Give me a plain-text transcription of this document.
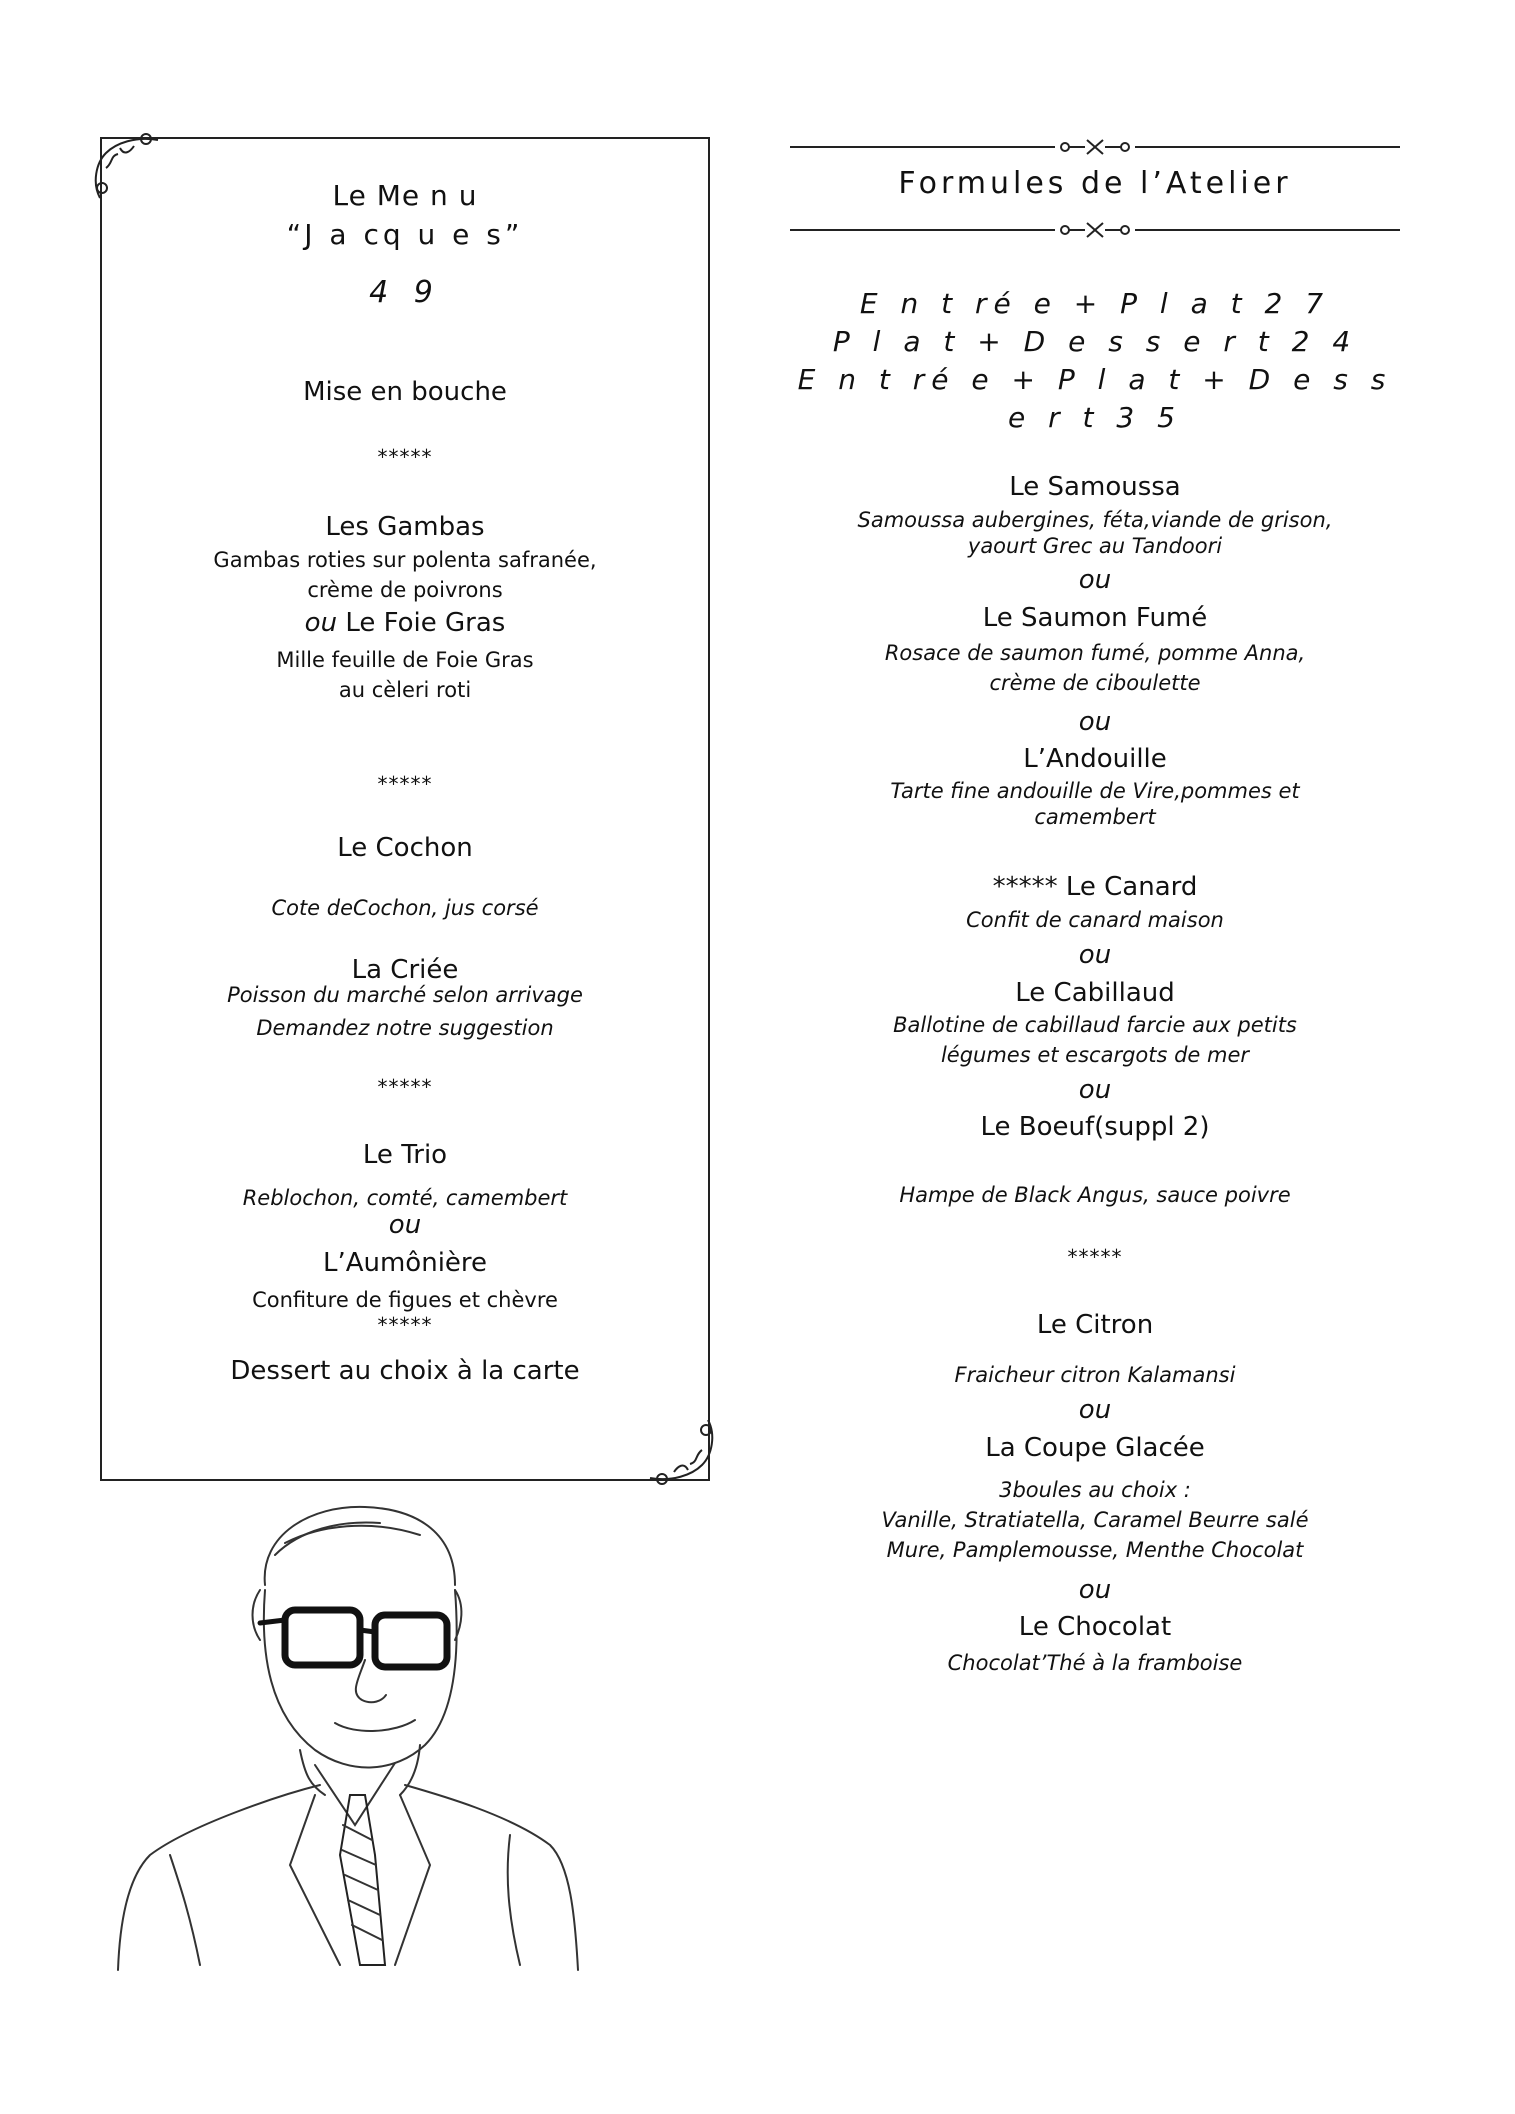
Le Me n u
“J a cq u e s”
4 9
Mise en bouche
*****
Les Gambas
Gambas roties sur polenta safranée,
crème de poivrons
ou Le Foie Gras
Mille feuille de Foie Gras
au cèleri roti
*****
Le Cochon
Cote deCochon, jus corsé
La Criée
Poisson du marché selon arrivage
Demandez notre suggestion
*****
Le Trio
Reblochon, comté, camembert
ou
L’Aumônière
Confiture de figues et chèvre
*****
Dessert au choix à la carte
Formules de l’Atelier
E n t ré e + P l a t 2 7
P l a t + D e s s e r t 2 4
E n t ré e + P l a t + D e s s e r t 3 5
Le Samoussa
Samoussa aubergines, féta,viande de grison,
yaourt Grec au Tandoori
ou
Le Saumon Fumé
Rosace de saumon fumé, pomme Anna,
crème de ciboulette
ou
L’Andouille
Tarte fine andouille de Vire,pommes et
camembert
***** Le Canard
Confit de canard maison
ou
Le Cabillaud
Ballotine de cabillaud farcie aux petits
légumes et escargots de mer
ou
Le Boeuf(suppl 2)
Hampe de Black Angus, sauce poivre
*****
Le Citron
Fraicheur citron Kalamansi
ou
La Coupe Glacée
3boules au choix :
Vanille, Stratiatella, Caramel Beurre salé
Mure, Pamplemousse, Menthe Chocolat
ou
Le Chocolat
Chocolat’Thé à la framboise
